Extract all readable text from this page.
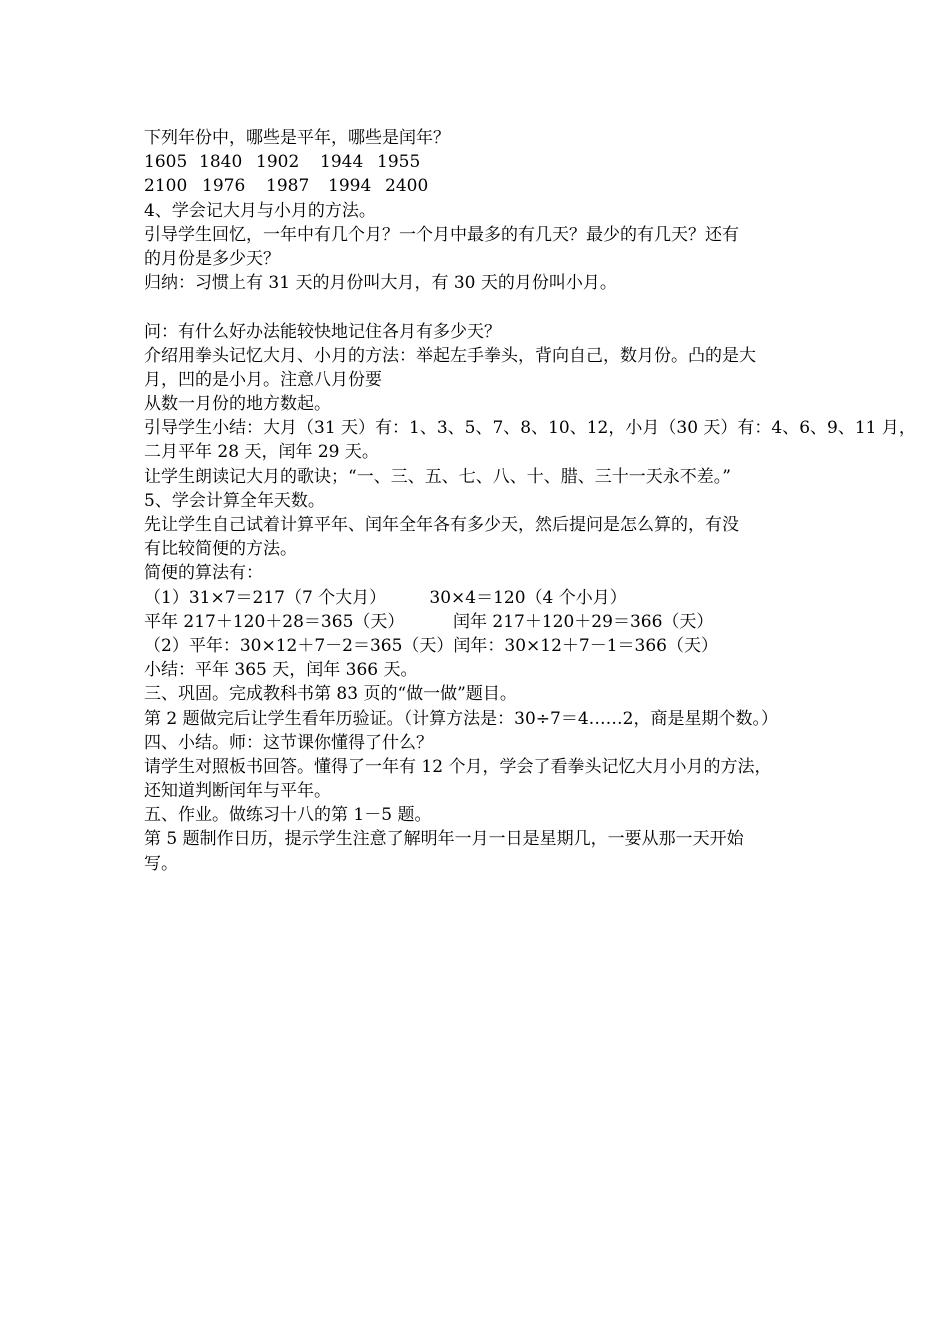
下列年份中，哪些是平年，哪些是闰年？
1605 1840 1902	1944 1955
2100 1976	1987	1994 2400
4、学会记大月与小月的方法。
引导学生回忆，一年中有几个月？一个月中最多的有几天？最少的有几天？还有
的月份是多少天？
归纳：习惯上有 31 天的月份叫大月，有 30 天的月份叫小月。
问：有什么好办法能较快地记住各月有多少天？
介绍用拳头记忆大月、小月的方法：举起左手拳头，背向自己，数月份。凸的是大
月，凹的是小月。注意八月份要
从数一月份的地方数起。
引导学生小结：大月（31 天）有：1、3、5、7、8、10、12，小月（30 天）有：4、6、9、11 月，
二月平年 28 天，闰年 29 天。
让学生朗读记大月的歌诀；“一、三、五、七、八、十、腊、三十一天永不差。”
5、学会计算全年天数。
先让学生自己试着计算平年、闰年全年各有多少天，然后提问是怎么算的，有没
有比较简便的方法。
简便的算法有：
（1）31×7＝217（7 个大月）        30×4＝120（4 个小月）
平年 217＋120＋28＝365（天）         闰年 217＋120＋29＝366（天）
（2）平年：30×12＋7－2＝365（天）闰年：30×12＋7－1＝366（天）
小结：平年 365 天，闰年 366 天。
三、巩固。完成教科书第 83 页的“做一做”题目。
第 2 题做完后让学生看年历验证。（计算方法是：30÷7＝4……2，商是星期个数。）
四、小结。师：这节课你懂得了什么？
请学生对照板书回答。懂得了一年有 12 个月，学会了看拳头记忆大月小月的方法，
还知道判断闰年与平年。
五、作业。做练习十八的第 1－5 题。
第 5 题制作日历，提示学生注意了解明年一月一日是星期几，一要从那一天开始
写。
